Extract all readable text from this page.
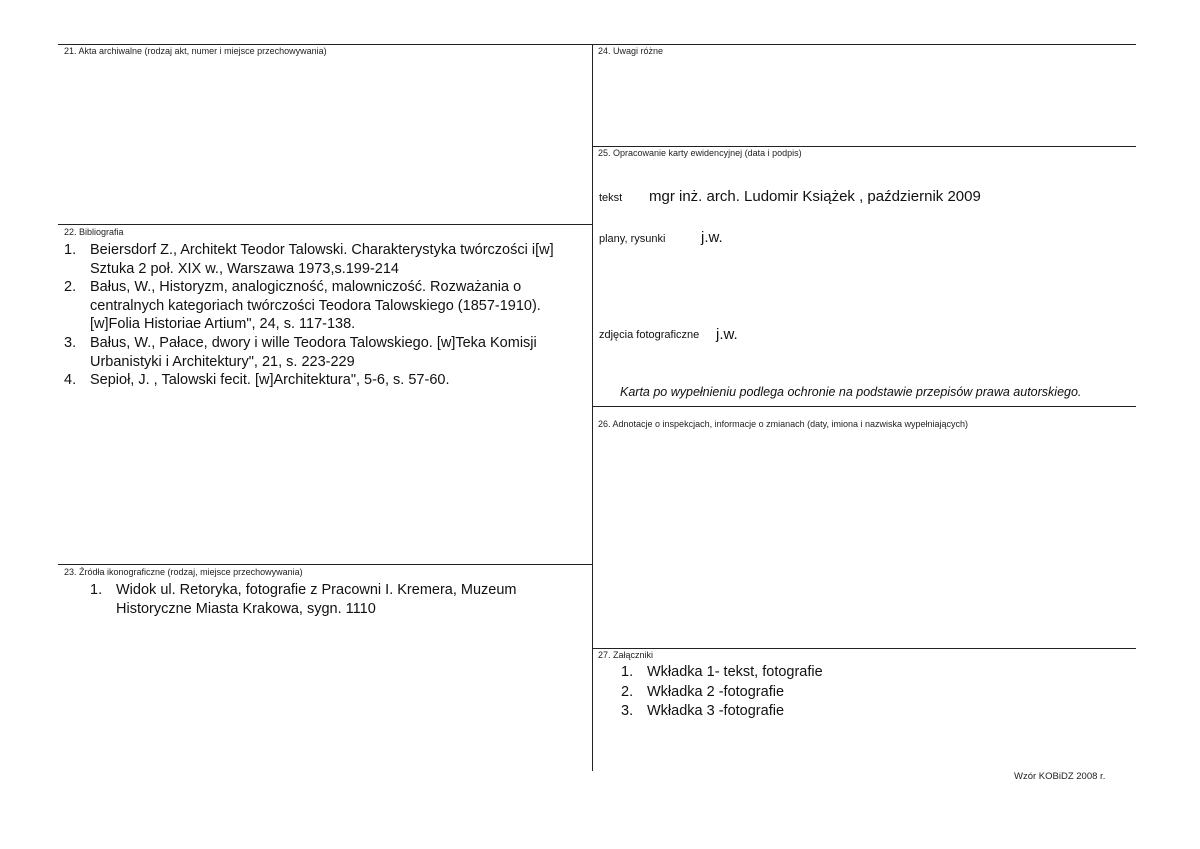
21. Akta archiwalne (rodzaj akt, numer i miejsce przechowywania)
22. Bibliografia
1. Beiersdorf Z., Architekt Teodor Talowski. Charakterystyka twórczości i[w] Sztuka 2 poł. XIX w., Warszawa 1973,s.199-214
2. Bałus, W., Historyzm, analogiczność, malowniczość. Rozważania o centralnych kategoriach twórczości Teodora Talowskiego (1857-1910).[w]Folia Historiae Artium", 24, s. 117-138.
3. Bałus, W., Pałace, dwory i wille Teodora Talowskiego. [w]Teka Komisji Urbanistyki i Architektury", 21, s. 223-229
4. Sepioł, J. , Talowski fecit. [w]Architektura", 5-6, s. 57-60.
23. Źródła ikonograficzne (rodzaj, miejsce przechowywania)
1. Widok ul. Retoryka, fotografie z Pracowni I. Kremera, Muzeum Historyczne Miasta Krakowa, sygn. 1110
24. Uwagi różne
25. Opracowanie karty ewidencyjnej (data i podpis)
tekst mgr inż. arch. Ludomir Książek , październik 2009
plany, rysunki j.w.
zdjęcia fotograficzne j.w.
Karta po wypełnieniu podlega ochronie na podstawie przepisów prawa autorskiego.
26. Adnotacje o inspekcjach, informacje o zmianach (daty, imiona i nazwiska wypełniających)
27. Załączniki
1. Wkładka 1- tekst, fotografie
2. Wkładka 2 -fotografie
3. Wkładka 3 -fotografie
Wzór KOBiDZ 2008 r.
